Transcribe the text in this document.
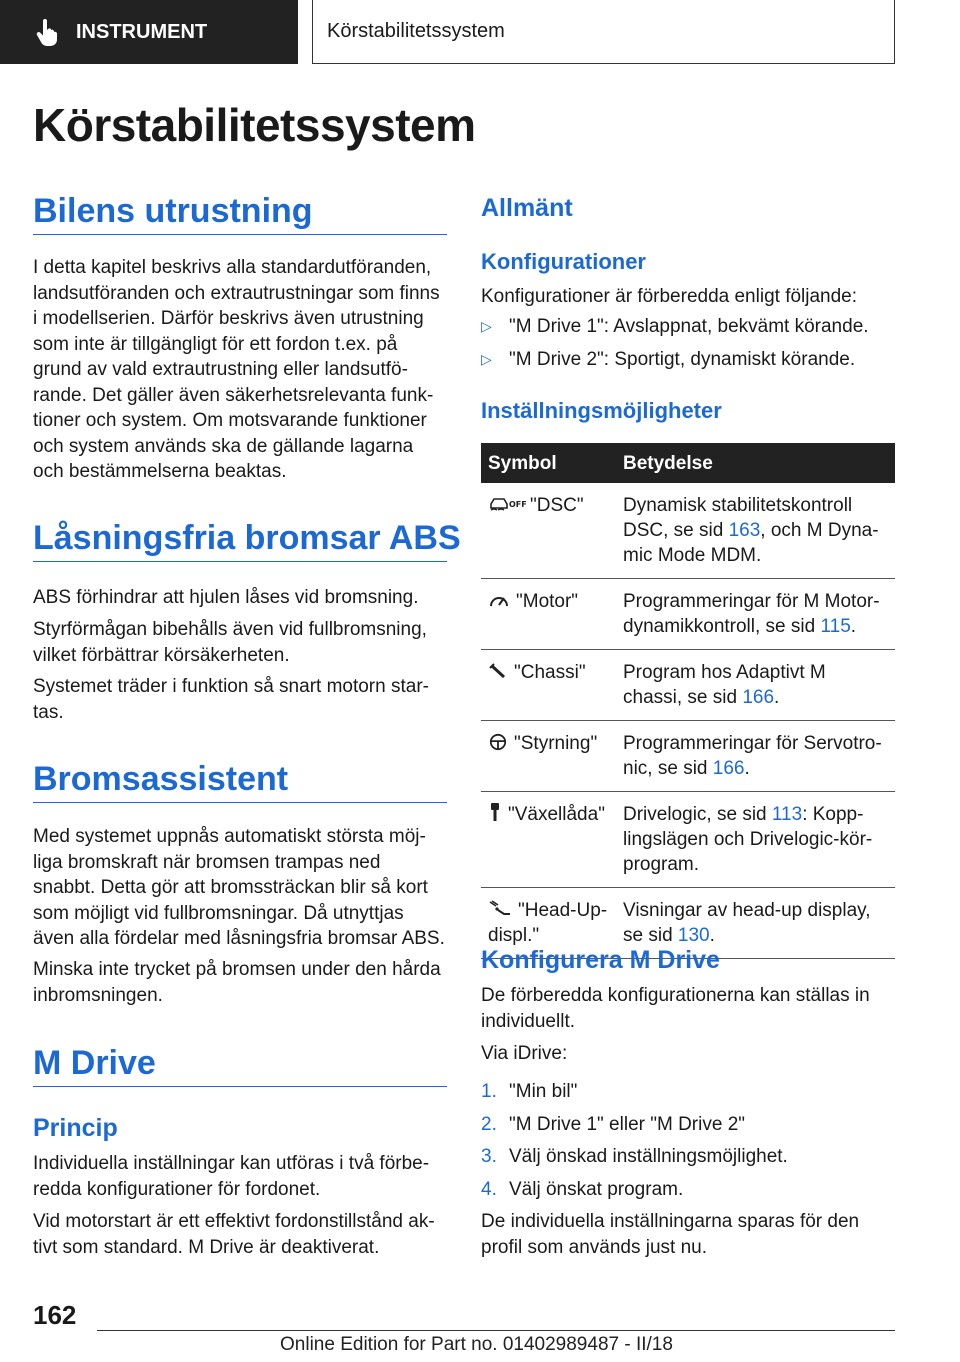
INSTRUMENT	Körstabilitetssystem
Körstabilitetssystem
Bilens utrustning

I detta kapitel beskrivs alla standardutföranden, landsutföranden och extrautrustningar som finns i modellserien. Därför beskrivs även utrustning som inte är tillgängligt för ett fordon t.ex. på grund av vald extrautrustning eller landsutförande. Det gäller även säkerhetsrelevanta funktioner och system. Om motsvarande funktioner och system används ska de gällande lagarna och bestämmelserna beaktas.

Låsningsfria bromsar ABS

ABS förhindrar att hjulen låses vid bromsning.

Styrförmågan bibehålls även vid fullbromsning, vilket förbättrar körsäkerheten.

Systemet träder i funktion så snart motorn startas.

Bromsassistent

Med systemet uppnås automatiskt största möjliga bromskraft när bromsen trampas ned snabbt. Detta gör att bromssträckan blir så kort som möjligt vid fullbromsningar. Då utnyttjas även alla fördelar med låsningsfria bromsar ABS.

Minska inte trycket på bromsen under den hårda inbromsningen.

M Drive
Princip

Individuella inställningar kan utföras i två förberedda konfigurationer för fordonet.

Vid motorstart är ett effektivt fordonstillstånd aktivt som standard. M Drive är deaktiverat.

Allmänt
Konfigurationer

Konfigurationer är förberedda enligt följande:

▷ "M Drive 1": Avslappnat, bekvämt körande.
▷ "M Drive 2": Sportigt, dynamiskt körande.
Inställningsmöjligheter
Symbol	Betydelse

OFF "DSC"	Dynamisk stabilitetskontroll DSC, se sid 163, och M Dynamic Mode MDM.
"Motor"	Programmeringar för M Motordynamikkontroll, se sid 115.
"Chassi"	Program hos Adaptivt M chassi, se sid 166.
"Styrning"	Programmeringar för Servotronic, se sid 166.
"Växellåda"	Drivelogic, se sid 113: Kopplingslägen och Drivelogic-körprogram.
"Head-Up-displ."	Visningar av head-up display, se sid 130.
Konfigurera M Drive

De förberedda konfigurationerna kan ställas in individuellt.

Via iDrive:

1. "Min bil"
2. "M Drive 1" eller "M Drive 2"
3. Välj önskad inställningsmöjlighet.
4. Välj önskat program.

De individuella inställningarna sparas för den profil som används just nu.

162
Online Edition for Part no. 01402989487 - II/18
